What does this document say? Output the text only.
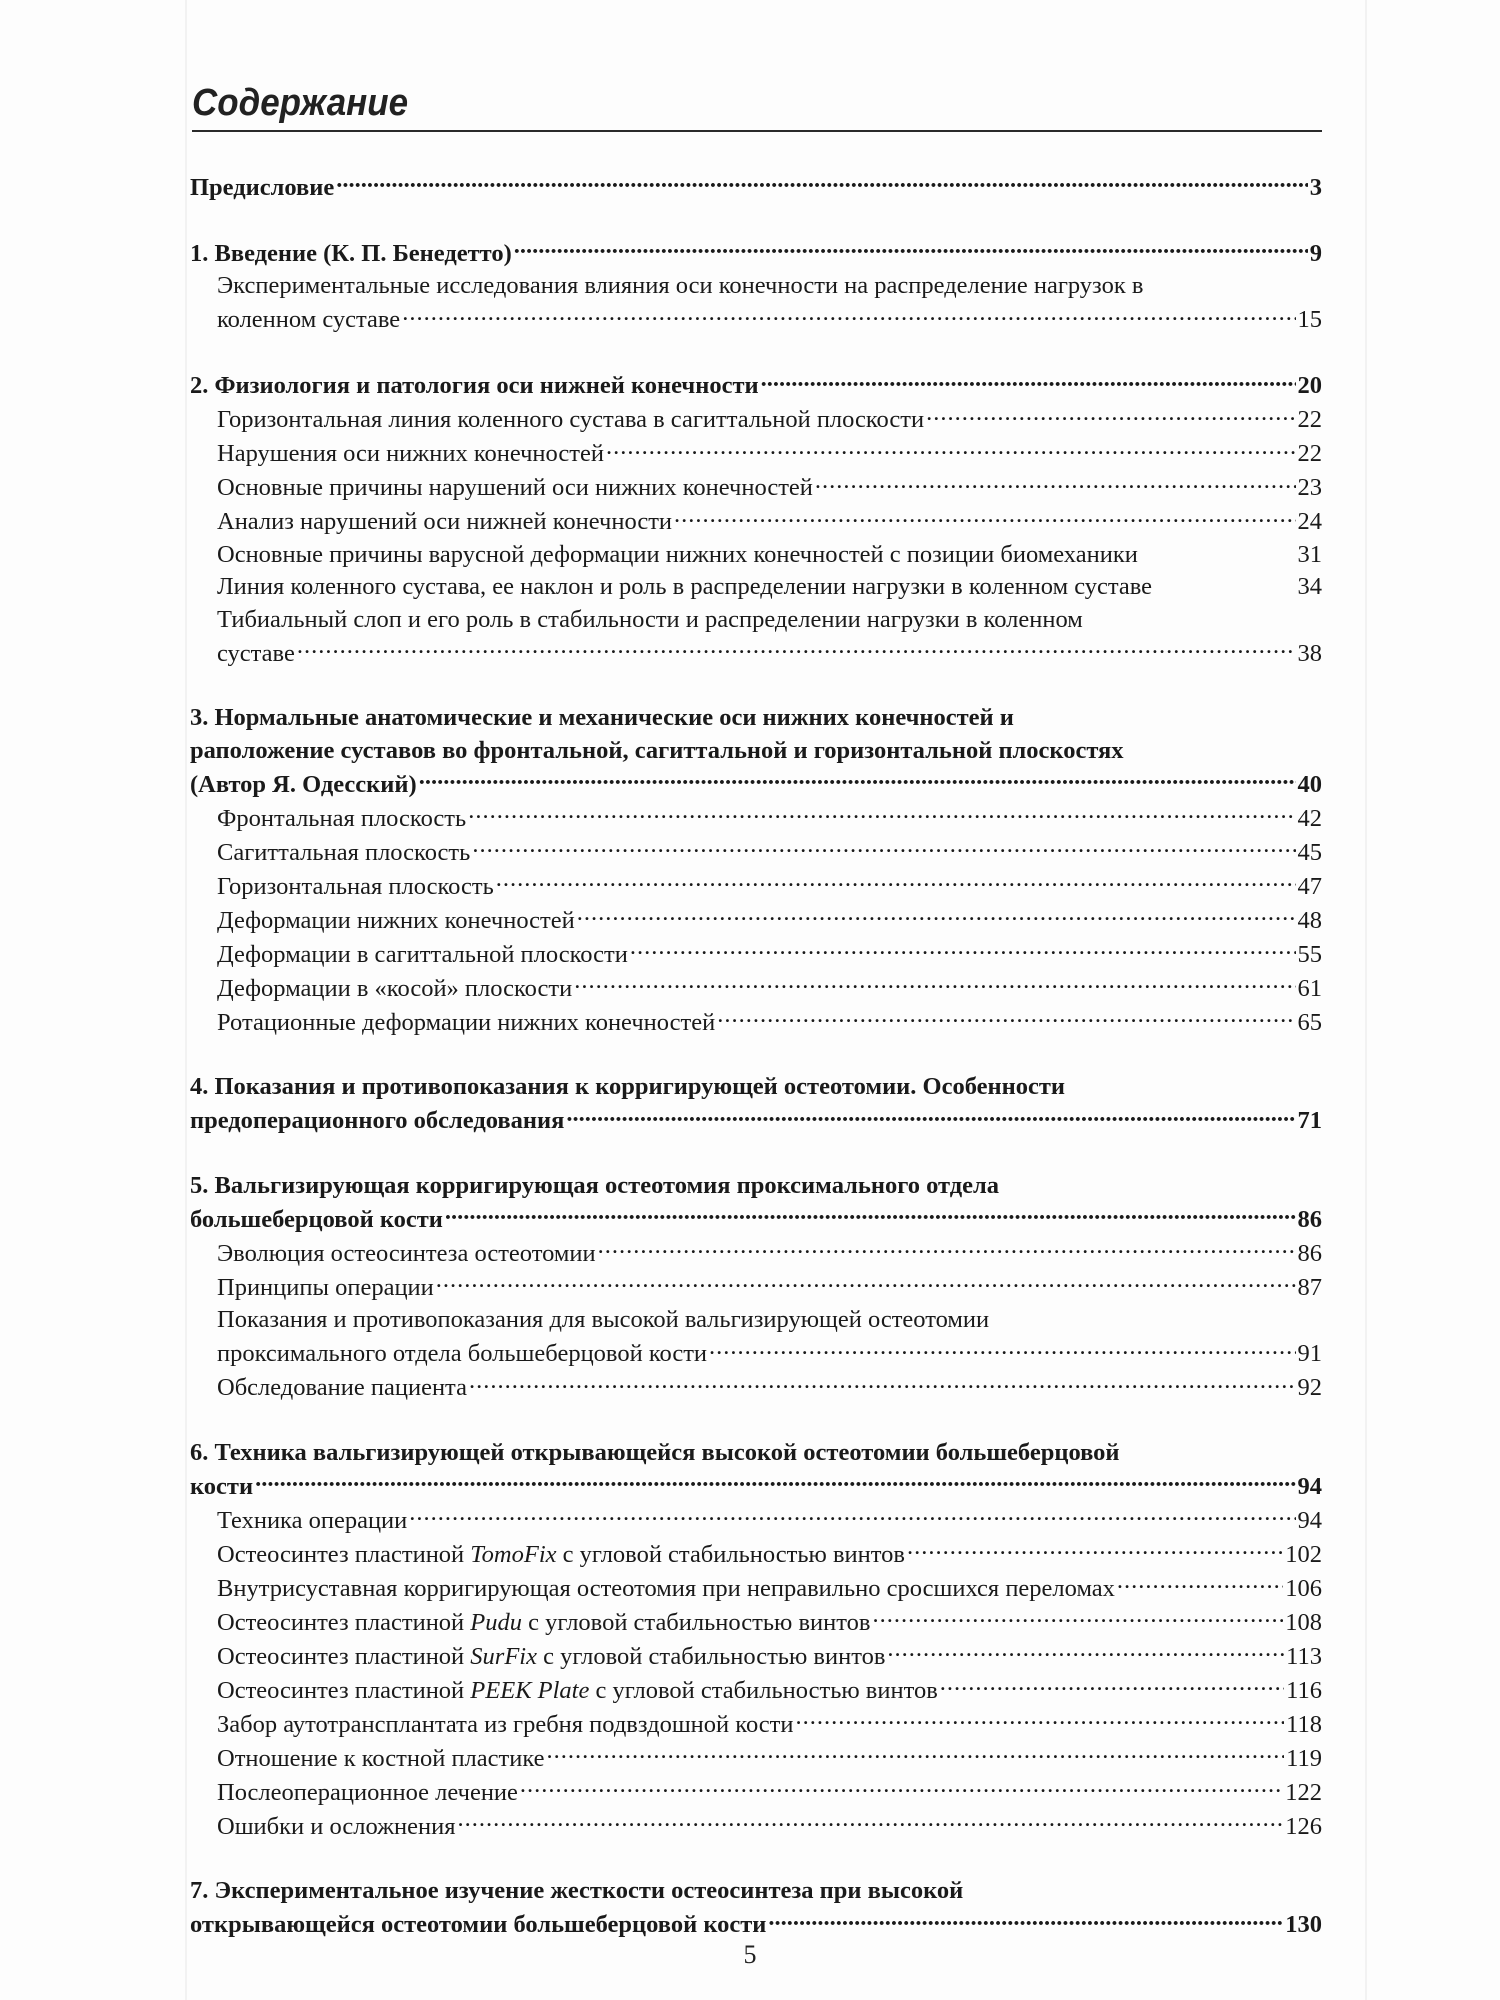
Содержание
Предисловие .....	3
1. Введение (К. П. Бенедетто) .....	9
Экспериментальные исследования влияния оси конечности на распределение нагрузок в
коленном суставе .....	15
2. Физиология и патология оси нижней конечности .....	20
Горизонтальная линия коленного сустава в сагиттальной плоскости .....	22
Нарушения оси нижних конечностей .....	22
Основные причины нарушений оси нижних конечностей .....	23
Анализ нарушений оси нижней конечности .....	24
Основные причины варусной деформации нижних конечностей с позиции биомеханики	31
Линия коленного сустава, ее наклон и роль в распределении нагрузки в коленном суставе	34
Тибиальный слоп и его роль в стабильности и распределении нагрузки в коленном
суставе .....	38
3. Нормальные анатомические и механические оси нижних конечностей и
раположение суставов во фронтальной, сагиттальной и горизонтальной плоскостях
(Автор Я. Одесский) .....	40
Фронтальная плоскость .....	42
Сагиттальная плоскость .....	45
Горизонтальная плоскость .....	47
Деформации нижних конечностей .....	48
Деформации в сагиттальной плоскости .....	55
Деформации в «косой» плоскости .....	61
Ротационные деформации нижних конечностей .....	65
4. Показания и противопоказания к корригирующей остеотомии. Особенности
предоперационного обследования .....	71
5. Вальгизирующая корригирующая остеотомия проксимального отдела
большеберцовой кости .....	86
Эволюция остеосинтеза остеотомии .....	86
Принципы операции .....	87
Показания и противопоказания для высокой вальгизирующей остеотомии
проксимального отдела большеберцовой кости .....	91
Обследование пациента .....	92
6. Техника вальгизирующей открывающейся высокой остеотомии большеберцовой
кости .....	94
Техника операции .....	94
Остеосинтез пластиной TomoFix с угловой стабильностью винтов .....	102
Внутрисуставная корригирующая остеотомия при неправильно сросшихся переломах .....	106
Остеосинтез пластиной Pudu с угловой стабильностью винтов .....	108
Остеосинтез пластиной SurFix с угловой стабильностью винтов .....	113
Остеосинтез пластиной PEEK Plate с угловой стабильностью винтов .....	116
Забор аутотрансплантата из гребня подвздошной кости .....	118
Отношение к костной пластике .....	119
Послеоперационное лечение .....	122
Ошибки и осложнения .....	126
7. Экспериментальное изучение жесткости остеосинтеза при высокой
открывающейся остеотомии большеберцовой кости .....	130
5
